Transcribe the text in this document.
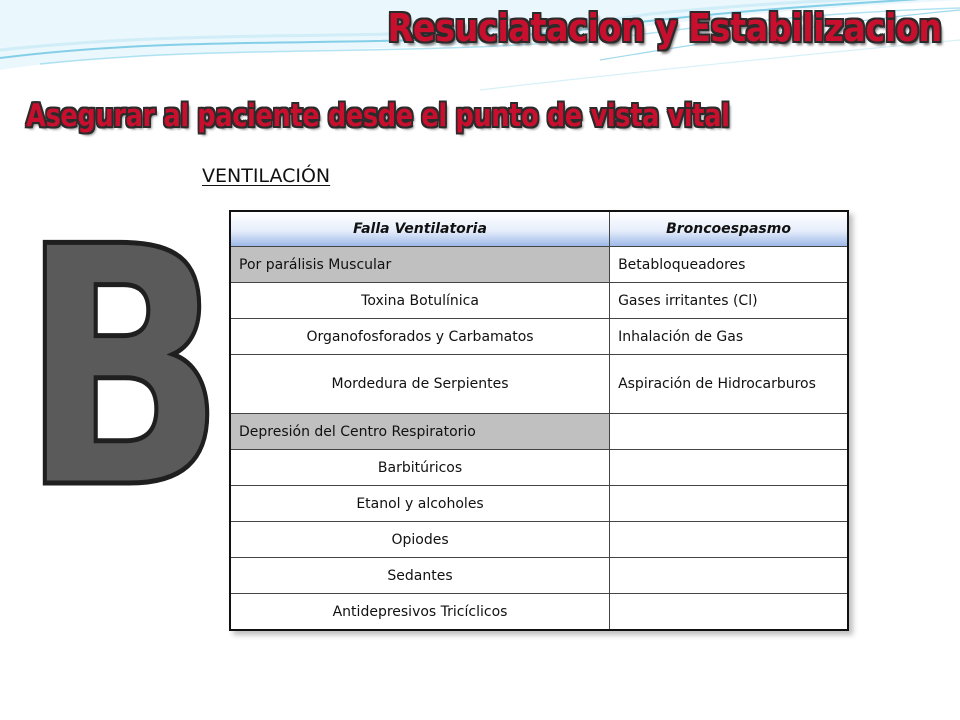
Resuciatacion y Estabilizacion
Asegurar al paciente desde el punto de vista vital
VENTILACIÓN
B	Falla Ventilatoria	Broncoespasmo
Por parálisis Muscular	Betabloqueadores
Toxina Botulínica	Gases irritantes (Cl)
Organofosforados y Carbamatos	Inhalación de Gas
Mordedura de Serpientes	Aspiración de Hidrocarburos
Depresión del Centro Respiratorio	
Barbitúricos	
Etanol y alcoholes	
Opiodes	
Sedantes	
Antidepresivos Tricíclicos	
